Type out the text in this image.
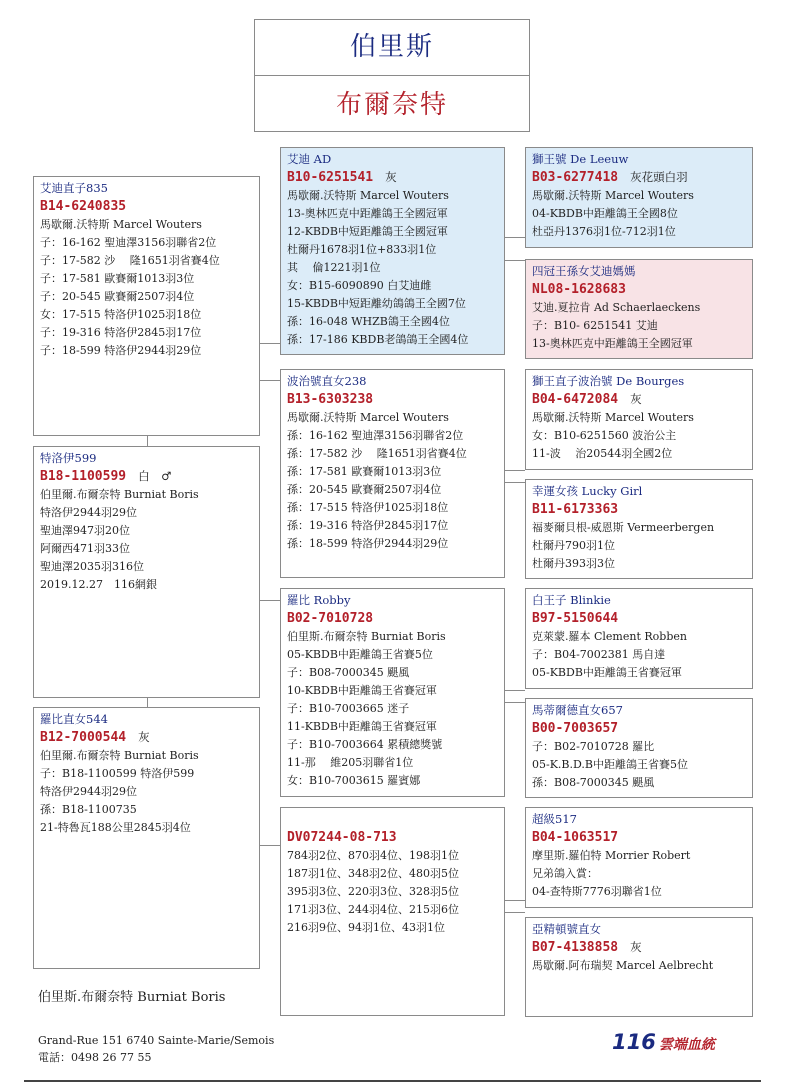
伯里斯
布爾奈特
特洛伊599
B18-1100599 白　♂
伯里爾.布爾奈特 Burniat Boris
特洛伊2944羽29位
聖迪澤947羽20位
阿爾西471羽33位
聖迪澤2035羽316位
2019.12.27　116網銀
艾迪直子835
B14-6240835
馬歇爾.沃特斯 Marcel Wouters
子：16-162 聖迪澤3156羽聯省2位
子：17-582 沙　 隆1651羽省賽4位
子：17-581 歐賽爾1013羽3位
子：20-545 歐賽爾2507羽4位
女：17-515 特洛伊1025羽18位
子：19-316 特洛伊2845羽17位
子：18-599 特洛伊2944羽29位
羅比直女544
B12-7000544 灰
伯里爾.布爾奈特 Burniat Boris
子：B18-1100599 特洛伊599
特洛伊2944羽29位
孫：B18-1100735
21-特魯瓦188公里2845羽4位
艾迪 AD
B10-6251541 灰
馬歇爾.沃特斯 Marcel Wouters
13-奧林匹克中距離鴿王全國冠軍
12-KBDB中短距離鴿王全國冠軍
杜爾丹1678羽1位+833羽1位
其　 倫1221羽1位
女：B15-6090890 白艾迪雌
15-KBDB中短距離幼鴿鴿王全國7位
孫：16-048 WHZB鴿王全國4位
孫：17-186 KBDB老鴿鴿王全國4位
波治號直女238
B13-6303238
馬歇爾.沃特斯 Marcel Wouters
孫：16-162 聖迪澤3156羽聯省2位
孫：17-582 沙　 隆1651羽省賽4位
孫：17-581 歐賽爾1013羽3位
孫：20-545 歐賽爾2507羽4位
孫：17-515 特洛伊1025羽18位
孫：19-316 特洛伊2845羽17位
孫：18-599 特洛伊2944羽29位
羅比 Robby
B02-7010728
伯里斯.布爾奈特 Burniat Boris
05-KBDB中距離鴿王省賽5位
子：B08-7000345 颶風
10-KBDB中距離鴿王省賽冠軍
子：B10-7003665 迷子
11-KBDB中距離鴿王省賽冠軍
子：B10-7003664 累積總獎號
11-那　 維205羽聯省1位
女：B10-7003615 羅賓娜
DV07244-08-713
784羽2位、870羽4位、198羽1位
187羽1位、348羽2位、480羽5位
395羽3位、220羽3位、328羽5位
171羽3位、244羽4位、215羽6位
216羽9位、94羽1位、43羽1位
獅王號 De Leeuw
B03-6277418 灰花頭白羽
馬歇爾.沃特斯 Marcel Wouters
04-KBDB中距離鴿王全國8位
杜亞丹1376羽1位-712羽1位
四冠王孫女艾迪媽媽
NL08-1628683
艾迪.夏拉肯 Ad Schaerlaeckens
子：B10- 6251541 艾迪
13-奧林匹克中距離鴿王全國冠軍
獅王直子波治號 De Bourges
B04-6472084 灰
馬歇爾.沃特斯 Marcel Wouters
女：B10-6251560 波治公主
11-波　 治20544羽全國2位
幸運女孩 Lucky Girl
B11-6173363
福麥爾貝根-威恩斯 Vermeerbergen
杜爾丹790羽1位
杜爾丹393羽3位
白王子 Blinkie
B97-5150644
克萊蒙.羅本 Clement Robben
子：B04-7002381 馬自達
05-KBDB中距離鴿王省賽冠軍
馬蒂爾德直女657
B00-7003657
子：B02-7010728 羅比
05-K.B.D.B中距離鴿王省賽5位
孫：B08-7000345 颶風
超級517
B04-1063517
摩里斯.羅伯特 Morrier Robert
兄弟鴿入賞：
04-查特斯7776羽聯省1位
亞精頓號直女
B07-4138858 灰
馬歇爾.阿布瑞契 Marcel Aelbrecht
伯里斯.布爾奈特 Burniat Boris
Grand-Rue 151 6740 Sainte-Marie/Semois
電話：0498 26 77 55
116 雲端血統
